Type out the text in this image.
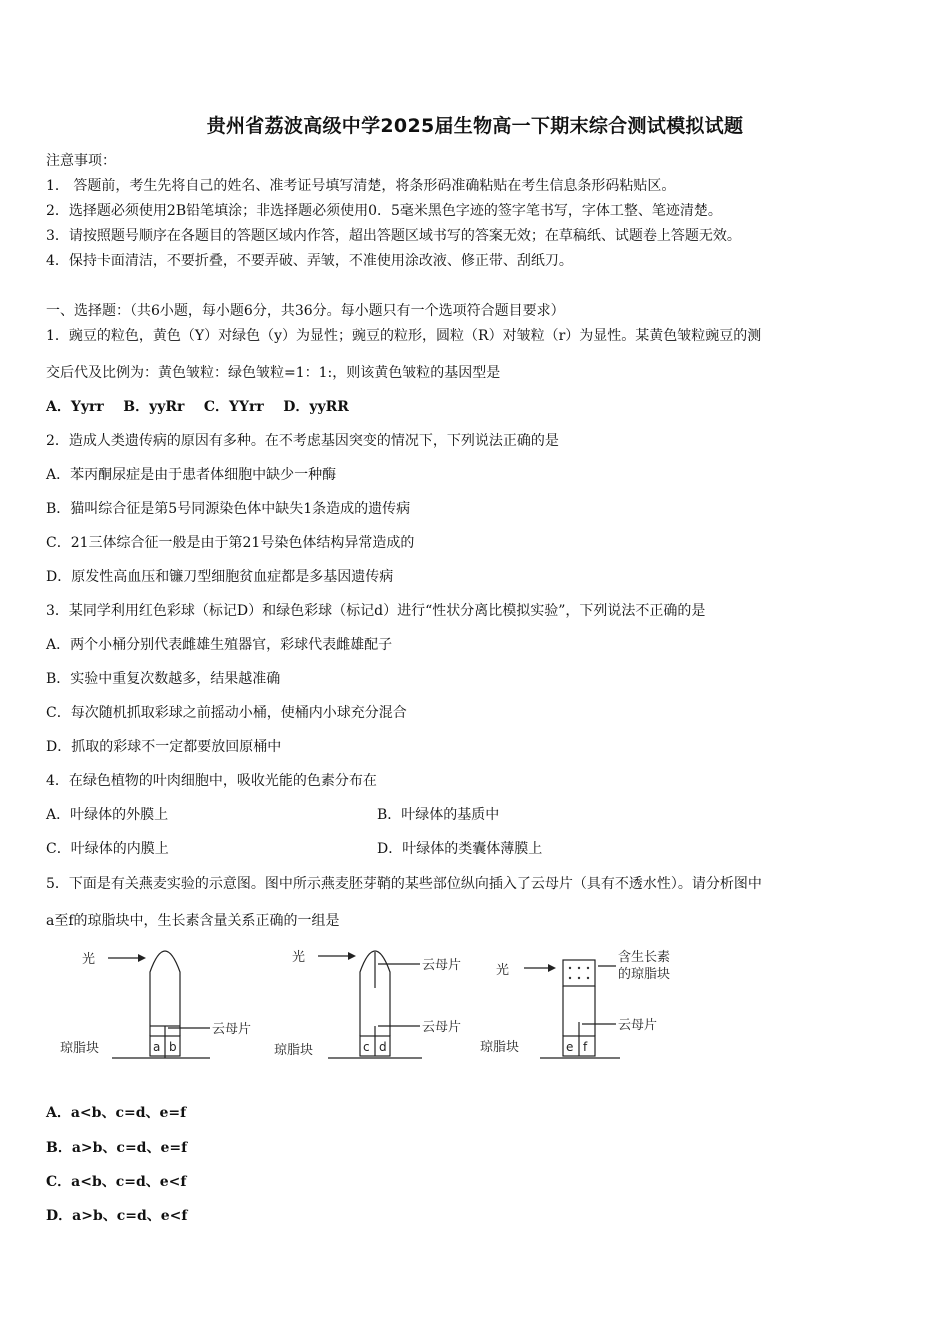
贵州省荔波高级中学2025届生物高一下期末综合测试模拟试题
注意事项：
1． 答题前，考生先将自己的姓名、准考证号填写清楚，将条形码准确粘贴在考生信息条形码粘贴区。
2．选择题必须使用2B铅笔填涂；非选择题必须使用0．5毫米黑色字迹的签字笔书写，字体工整、笔迹清楚。
3．请按照题号顺序在各题目的答题区域内作答，超出答题区域书写的答案无效；在草稿纸、试题卷上答题无效。
4．保持卡面清洁，不要折叠，不要弄破、弄皱，不准使用涂改液、修正带、刮纸刀。
一、选择题：（共6小题，每小题6分，共36分。每小题只有一个选项符合题目要求）
1．豌豆的粒色，黄色（Y）对绿色（y）为显性；豌豆的粒形，圆粒（R）对皱粒（r）为显性。某黄色皱粒豌豆的测
交后代及比例为：黄色皱粒：绿色皱粒=1：1:，则该黄色皱粒的基因型是
A．Yyrr    B．yyRr    C．YYrr    D．yyRR
2．造成人类遗传病的原因有多种。在不考虑基因突变的情况下，下列说法正确的是
A．苯丙酮尿症是由于患者体细胞中缺少一种酶
B．猫叫综合征是第5号同源染色体中缺失1条造成的遗传病
C．21三体综合征一般是由于第21号染色体结构异常造成的
D．原发性高血压和镰刀型细胞贫血症都是多基因遗传病
3．某同学利用红色彩球（标记D）和绿色彩球（标记d）进行“性状分离比模拟实验”，下列说法不正确的是
A．两个小桶分别代表雌雄生殖器官，彩球代表雌雄配子
B．实验中重复次数越多，结果越准确
C．每次随机抓取彩球之前摇动小桶，使桶内小球充分混合
D．抓取的彩球不一定都要放回原桶中
4．在绿色植物的叶肉细胞中，吸收光能的色素分布在
A．叶绿体的外膜上	B．叶绿体的基质中
C．叶绿体的内膜上	D．叶绿体的类囊体薄膜上
5．下面是有关燕麦实验的示意图。图中所示燕麦胚芽鞘的某些部位纵向插入了云母片（具有不透水性）。请分析图中
a至f的琼脂块中，生长素含量关系正确的一组是
光
云母片
琼脂块
光
云母片
云母片
琼脂块
光
含生长素
的琼脂块
云母片
琼脂块
a b	c d	e f
A．a<b、c=d、e=f
B．a>b、c=d、e=f
C．a<b、c=d、e<f
D．a>b、c=d、e<f
